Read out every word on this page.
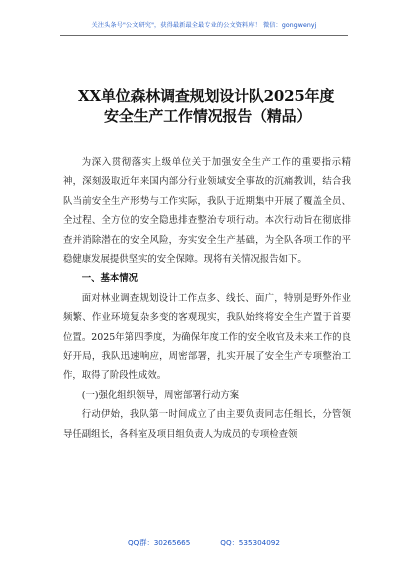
关注头条号"公文研究"，获得最新最全最专业的公文资料库！ 微信：gongwenyj
XX单位森林调查规划设计队2025年度
安全生产工作情况报告（精品）

为深入贯彻落实上级单位关于加强安全生产工作的重要指示精神，深刻汲取近年来国内部分行业领域安全事故的沉痛教训，结合我队当前安全生产形势与工作实际，我队于近期集中开展了覆盖全员、全过程、全方位的安全隐患排查整治专项行动。本次行动旨在彻底排查并消除潜在的安全风险，夯实安全生产基础，为全队各项工作的平稳健康发展提供坚实的安全保障。现将有关情况报告如下。

一、基本情况

面对林业调查规划设计工作点多、线长、面广，特别是野外作业频繁、作业环境复杂多变的客观现实，我队始终将安全生产置于首要位置。2025年第四季度，为确保年度工作的安全收官及未来工作的良好开局，我队迅速响应，周密部署，扎实开展了安全生产专项整治工作，取得了阶段性成效。

(一)强化组织领导，周密部署行动方案

行动伊始，我队第一时间成立了由主要负责同志任组长，分管领导任副组长，各科室及项目组负责人为成员的专项检查领

QQ群：30265665	QQ：535304092
